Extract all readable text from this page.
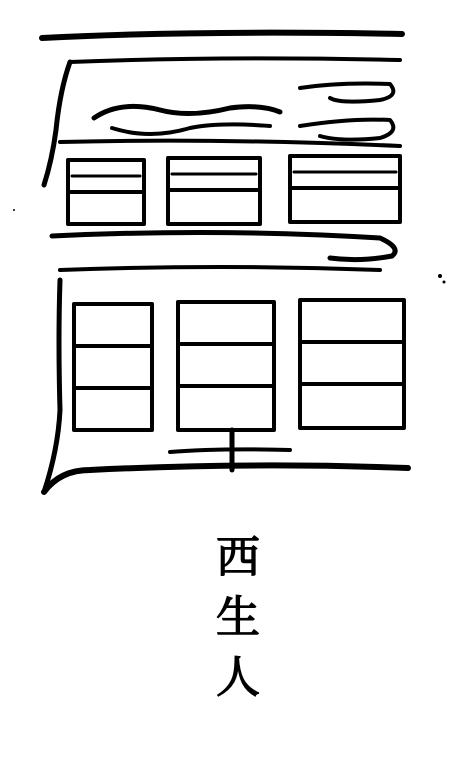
西
生
人
